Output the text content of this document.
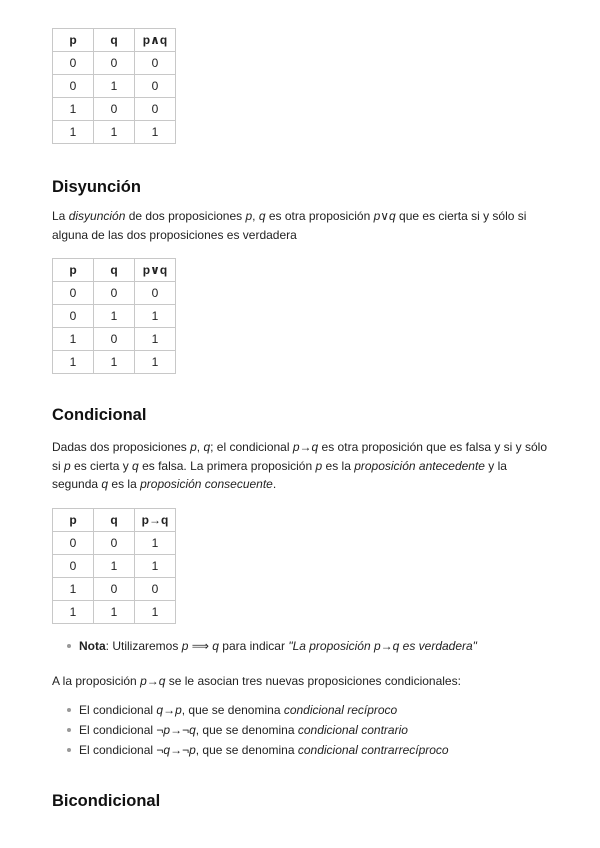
p	q	p∧q
0	0	0
0	1	0
1	0	0
1	1	1
Disyunción

La disyunción de dos proposiciones p, q es otra proposición p∨q que es cierta si y sólo si alguna de las dos proposiciones es verdadera

p	q	p∨q
0	0	0
0	1	1
1	0	1
1	1	1
Condicional

Dadas dos proposiciones p, q; el condicional p→q es otra proposición que es falsa y si y sólo si p es cierta y q es falsa. La primera proposición p es la proposición antecedente y la segunda q es la proposición consecuente.

p	q	p→q
0	0	1
0	1	1
1	0	0
1	1	1
Nota: Utilizaremos p ⟹ q para indicar "La proposición p→q es verdadera"

A la proposición p→q se le asocian tres nuevas proposiciones condicionales:

El condicional q→p, que se denomina condicional recíproco
El condicional ¬p→¬q, que se denomina condicional contrario
El condicional ¬q→¬p, que se denomina condicional contrarrecíproco
Bicondicional
